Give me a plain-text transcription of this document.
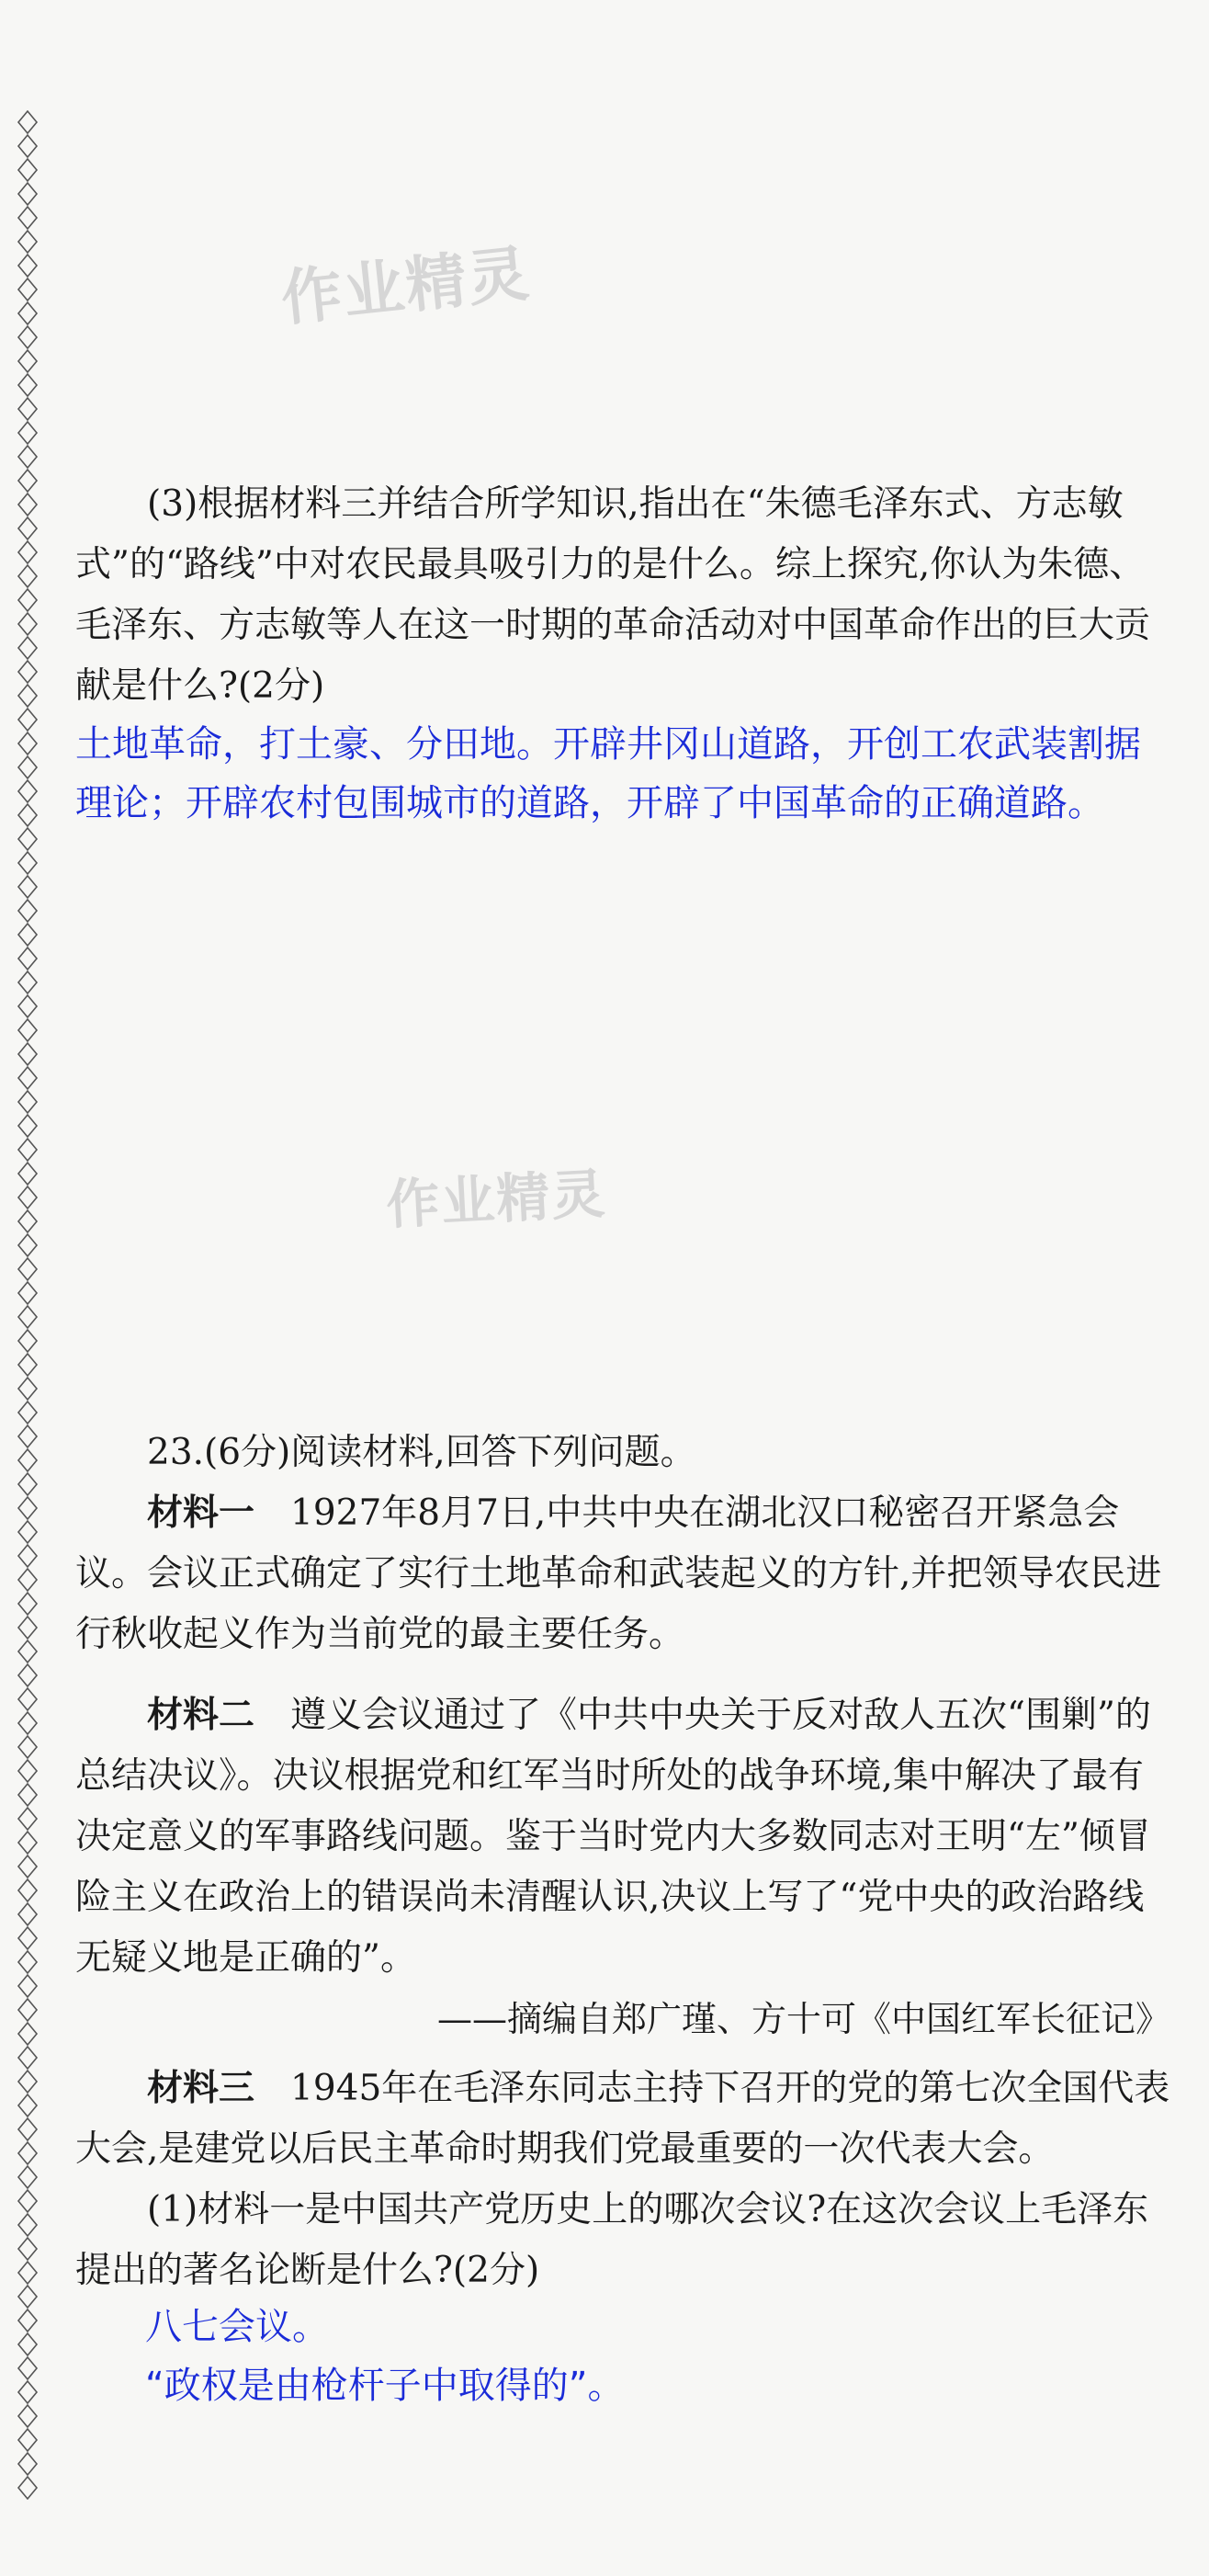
作业精灵
作业精灵

(3)根据材料三并结合所学知识,指出在“朱德毛泽东式、方志敏式”的“路线”中对农民最具吸引力的是什么。综上探究,你认为朱德、毛泽东、方志敏等人在这一时期的革命活动对中国革命作出的巨大贡献是什么?(2分)

土地革命，打土豪、分田地。开辟井冈山道路，开创工农武装割据理论；开辟农村包围城市的道路，开辟了中国革命的正确道路。

23.(6分)阅读材料,回答下列问题。

材料一　1927年8月7日,中共中央在湖北汉口秘密召开紧急会议。会议正式确定了实行土地革命和武装起义的方针,并把领导农民进行秋收起义作为当前党的最主要任务。

材料二　遵义会议通过了《中共中央关于反对敌人五次“围剿”的总结决议》。决议根据党和红军当时所处的战争环境,集中解决了最有决定意义的军事路线问题。鉴于当时党内大多数同志对王明“左”倾冒险主义在政治上的错误尚未清醒认识,决议上写了“党中央的政治路线无疑义地是正确的”。

——摘编自郑广瑾、方十可《中国红军长征记》

材料三　1945年在毛泽东同志主持下召开的党的第七次全国代表大会,是建党以后民主革命时期我们党最重要的一次代表大会。

(1)材料一是中国共产党历史上的哪次会议?在这次会议上毛泽东提出的著名论断是什么?(2分)

八七会议。

“政权是由枪杆子中取得的”。
